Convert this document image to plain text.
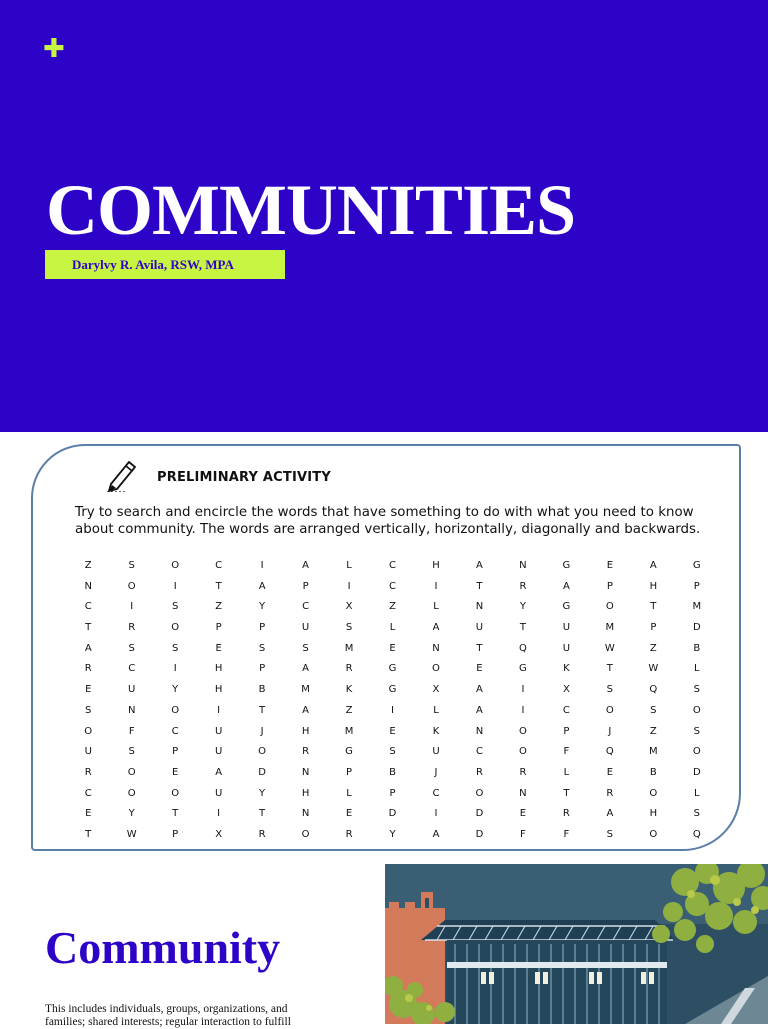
✚
COMMUNITIES
Darylvy R. Avila, RSW, MPA
PRELIMINARY ACTIVITY

Try to search and encircle the words that have something to do with what you need to know about community. The words are arranged vertically, horizontally, diagonally and backwards.

Z	S	O	C	I	A	L	C	H	A	N	G	E	A	G
N	O	I	T	A	P	I	C	I	T	R	A	P	H	P
C	I	S	Z	Y	C	X	Z	L	N	Y	G	O	T	M
T	R	O	P	P	U	S	L	A	U	T	U	M	P	D
A	S	S	E	S	S	M	E	N	T	Q	U	W	Z	B
R	C	I	H	P	A	R	G	O	E	G	K	T	W	L
E	U	Y	H	B	M	K	G	X	A	I	X	S	Q	S
S	N	O	I	T	A	Z	I	L	A	I	C	O	S	O
O	F	C	U	J	H	M	E	K	N	O	P	J	Z	S
U	S	P	U	O	R	G	S	U	C	O	F	Q	M	O
R	O	E	A	D	N	P	B	J	R	R	L	E	B	D
C	O	O	U	Y	H	L	P	C	O	N	T	R	O	L
E	Y	T	I	T	N	E	D	I	D	E	R	A	H	S
T	W	P	X	R	O	R	Y	A	D	F	F	S	O	Q
Community

This includes individuals, groups, organizations, and families; shared interests; regular interaction to fulfill
